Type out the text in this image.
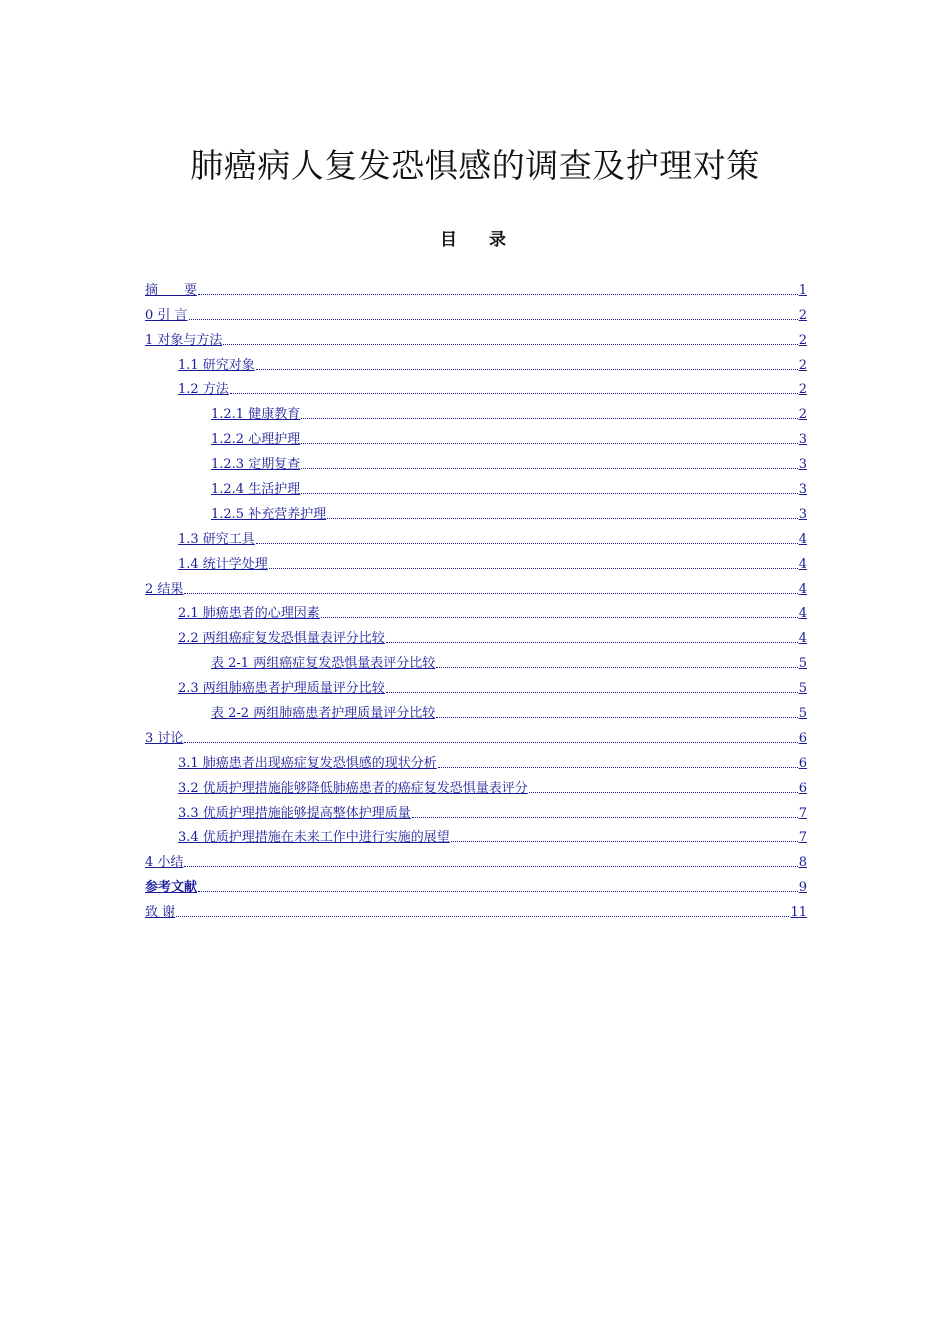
肺癌病人复发恐惧感的调查及护理对策
目 录
摘　　要	1
0 引 言	2
1 对象与方法	2
1.1 研究对象	2
1.2 方法	2
1.2.1 健康教育	2
1.2.2 心理护理	3
1.2.3 定期复查	3
1.2.4 生活护理	3
1.2.5 补充营养护理	3
1.3 研究工具	4
1.4 统计学处理	4
2 结果	4
2.1 肺癌患者的心理因素	4
2.2 两组癌症复发恐惧量表评分比较	4
表 2-1 两组癌症复发恐惧量表评分比较	5
2.3 两组肺癌患者护理质量评分比较	5
表 2-2 两组肺癌患者护理质量评分比较	5
3 讨论	6
3.1 肺癌患者出现癌症复发恐惧感的现状分析	6
3.2 优质护理措施能够降低肺癌患者的癌症复发恐惧量表评分	6
3.3 优质护理措施能够提高整体护理质量	7
3.4 优质护理措施在未来工作中进行实施的展望	7
4 小结	8
参考文献	9
致 谢	11
